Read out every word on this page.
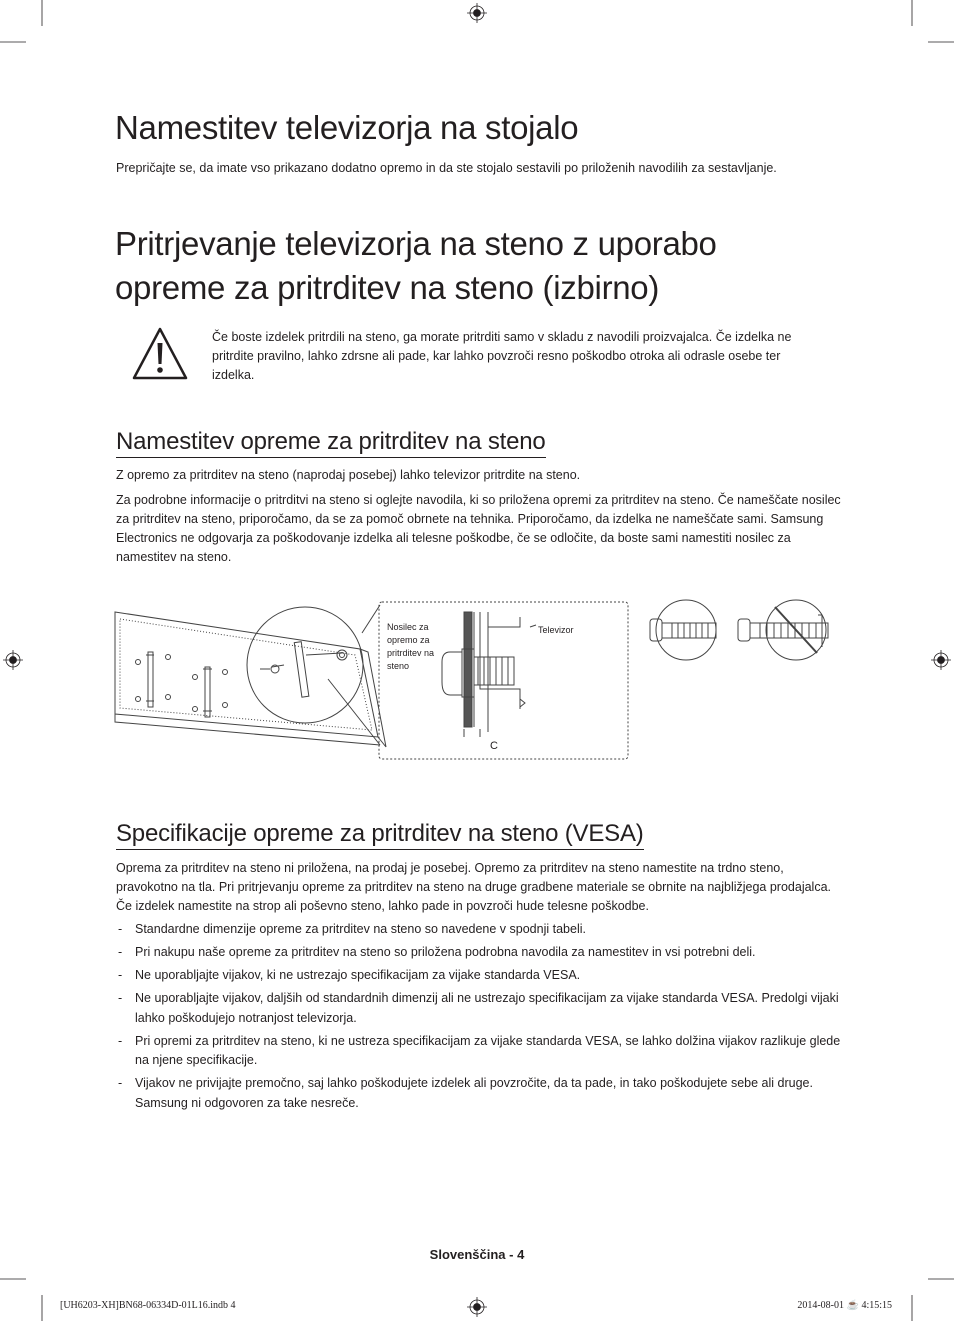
Namestitev televizorja na stojalo

Prepričajte se, da imate vso prikazano dodatno opremo in da ste stojalo sestavili po priloženih navodilih za sestavljanje.

Pritrjevanje televizorja na steno z uporabo
opreme za pritrditev na steno (izbirno)

Če boste izdelek pritrdili na steno, ga morate pritrditi samo v skladu z navodili proizvajalca. Če izdelka ne pritrdite pravilno, lahko zdrsne ali pade, kar lahko povzroči resno poškodbo otroka ali odrasle osebe ter izdelka.

Namestitev opreme za pritrditev na steno

Z opremo za pritrditev na steno (naprodaj posebej) lahko televizor pritrdite na steno.

Za podrobne informacije o pritrditvi na steno si oglejte navodila, ki so priložena opremi za pritrditev na steno. Če nameščate nosilec za pritrditev na steno, priporočamo, da se za pomoč obrnete na tehnika. Priporočamo, da izdelka ne nameščate sami. Samsung Electronics ne odgovarja za poškodovanje izdelka ali telesne poškodbe, če se odločite, da boste sami namestiti nosilec za namestitev na steno.

Nosilec za
opremo za
pritrditev na
steno
Televizor
C
Specifikacije opreme za pritrditev na steno (VESA)

Oprema za pritrditev na steno ni priložena, na prodaj je posebej. Opremo za pritrditev na steno namestite na trdno steno, pravokotno na tla. Pri pritrjevanju opreme za pritrditev na steno na druge gradbene materiale se obrnite na najbližjega prodajalca. Če izdelek namestite na strop ali poševno steno, lahko pade in povzroči hude telesne poškodbe.

- Standardne dimenzije opreme za pritrditev na steno so navedene v spodnji tabeli.
- Pri nakupu naše opreme za pritrditev na steno so priložena podrobna navodila za namestitev in vsi potrebni deli.
- Ne uporabljajte vijakov, ki ne ustrezajo specifikacijam za vijake standarda VESA.
- Ne uporabljajte vijakov, daljših od standardnih dimenzij ali ne ustrezajo specifikacijam za vijake standarda VESA. Predolgi vijaki lahko poškodujejo notranjost televizorja.
- Pri opremi za pritrditev na steno, ki ne ustreza specifikacijam za vijake standarda VESA, se lahko dolžina vijakov razlikuje glede na njene specifikacije.
- Vijakov ne privijajte premočno, saj lahko poškodujete izdelek ali povzročite, da ta pade, in tako poškodujete sebe ali druge. Samsung ni odgovoren za take nesreče.
Slovenščina - 4
[UH6203-XH]BN68-06334D-01L16.indb 4	2014-08-01 ☕ 4:15:15
